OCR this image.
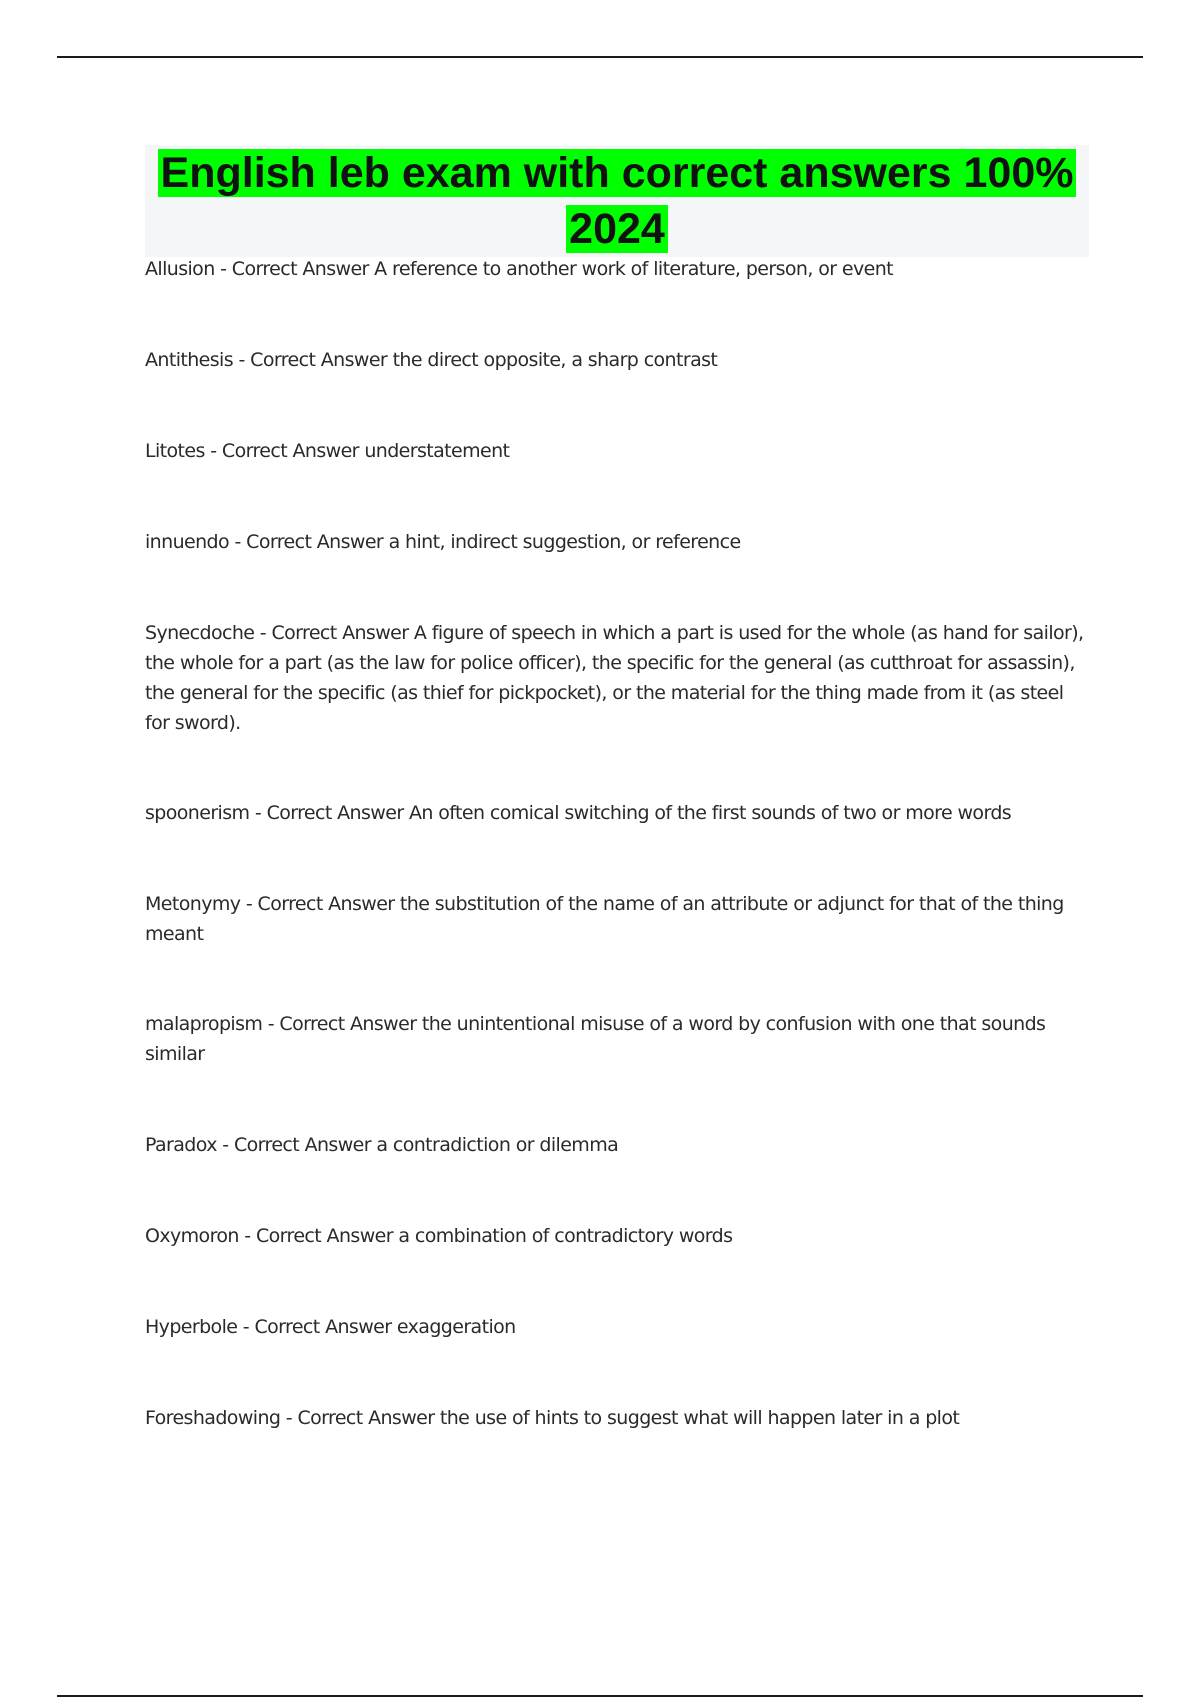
English leb exam with correct answers 100% 2024

Allusion - Correct Answer A reference to another work of literature, person, or event

Antithesis - Correct Answer the direct opposite, a sharp contrast

Litotes - Correct Answer understatement

innuendo - Correct Answer a hint, indirect suggestion, or reference

Synecdoche - Correct Answer A figure of speech in which a part is used for the whole (as hand for sailor), the whole for a part (as the law for police officer), the specific for the general (as cutthroat for assassin), the general for the specific (as thief for pickpocket), or the material for the thing made from it (as steel for sword).

spoonerism - Correct Answer An often comical switching of the first sounds of two or more words

Metonymy - Correct Answer the substitution of the name of an attribute or adjunct for that of the thing meant

malapropism - Correct Answer the unintentional misuse of a word by confusion with one that sounds similar

Paradox - Correct Answer a contradiction or dilemma

Oxymoron - Correct Answer a combination of contradictory words

Hyperbole - Correct Answer exaggeration

Foreshadowing - Correct Answer the use of hints to suggest what will happen later in a plot
